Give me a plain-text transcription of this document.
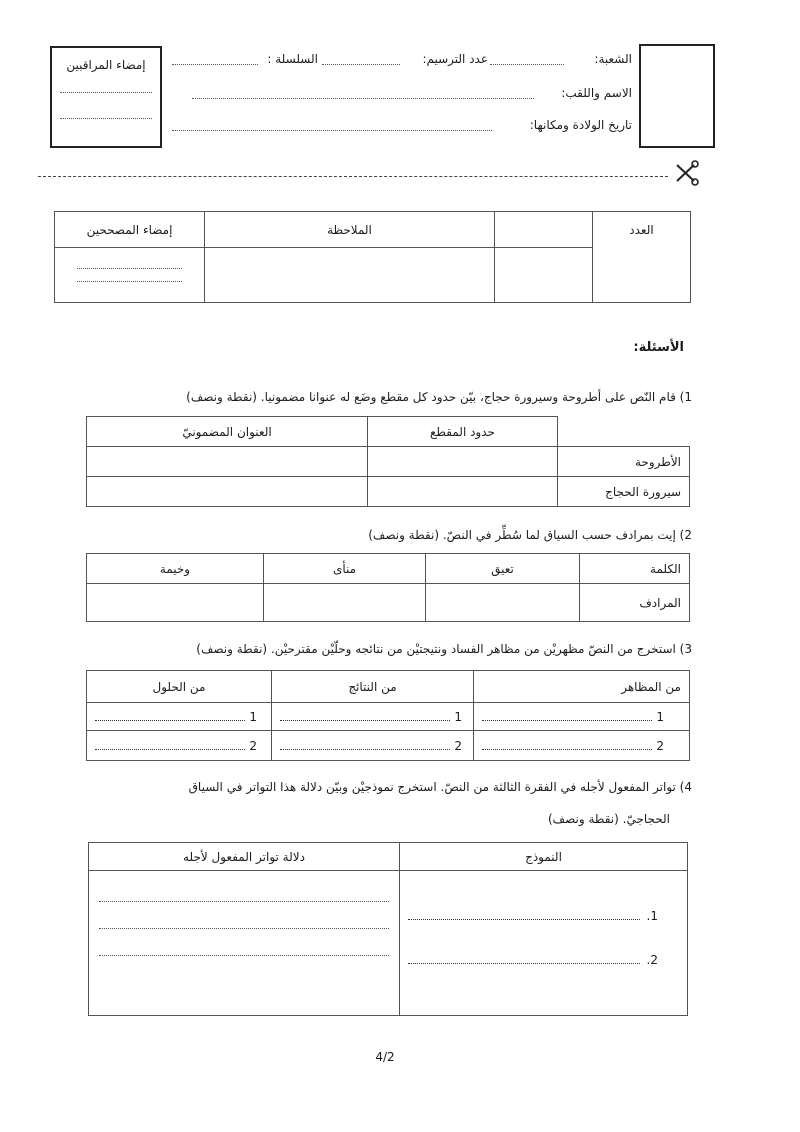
إمضاء المراقبين	الشعبة:
عدد الترسيم:
السلسلة :
الاسم واللقب:
تاريخ الولادة ومكانها:
العدد		الملاحظة	إمضاء المصححين

الأسئلة:
1) قام النّص على أطروحة وسيرورة حجاج، بيّن حدود كل مقطع وضَع له عنوانا مضمونيا. (نقطة ونصف)
	حدود المقطع	العنوان المضمونيّ
الأطروحة		
سيرورة الحجاج		
2) إيت بمرادف حسب السياق لما سُطِّر في النصّ. (نقطة ونصف)
الكلمة	تعيق	منأى	وخيمة
المرادف			
3) استخرج من النصّ مظهريْن من مظاهر الفساد ونتيجتيْن من نتائجه وحلّيْن مقترحيْن. (نقطة ونصف)
من المظاهر	من النتائج	من الحلول
1	1	1
2	2	2
4) تواتر المفعول لأجله في الفقرة الثالثة من النصّ. استخرج نموذجيْن وبيّن دلالة هذا التواتر في السياق
الحجاجيّ. (نقطة ونصف)
النموذج	دلالة تواتر المفعول لأجله

.1
.2	

4/2
